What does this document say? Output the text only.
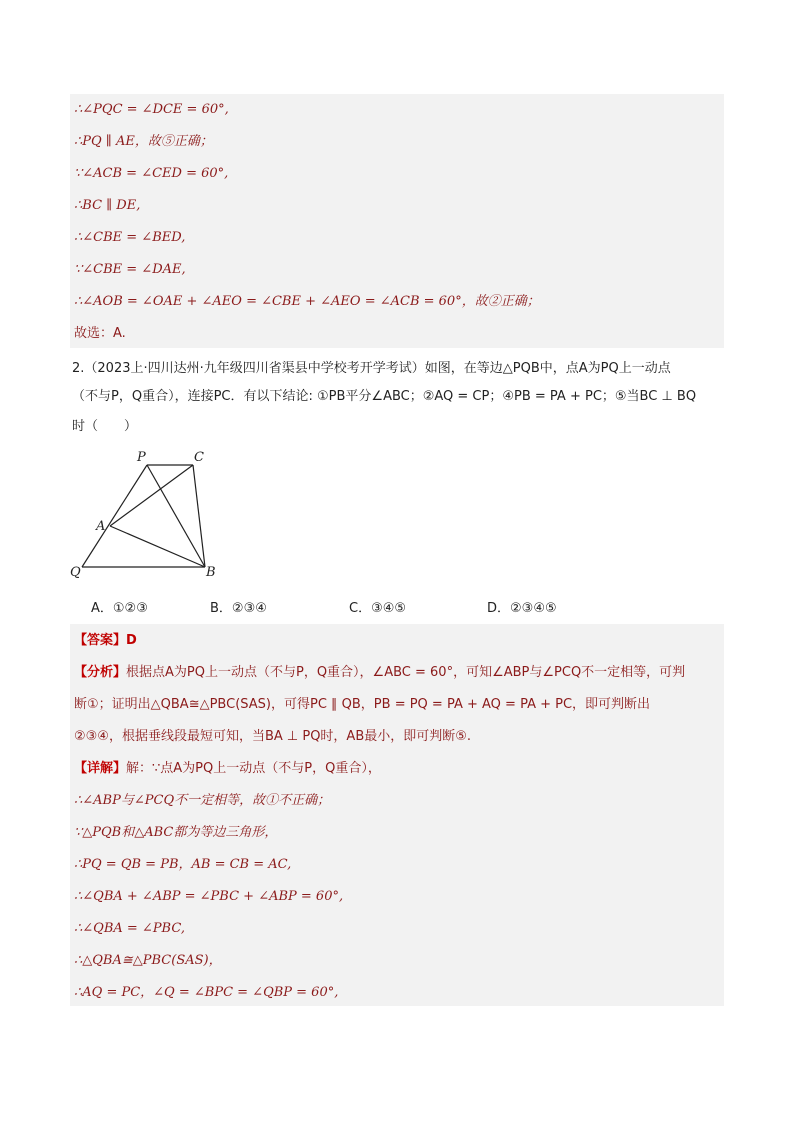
∴∠PQC = ∠DCE = 60°,
∴PQ ∥ AE，故⑤正确；
∵∠ACB = ∠CED = 60°,
∴BC ∥ DE,
∴∠CBE = ∠BED,
∵∠CBE = ∠DAE,
∴∠AOB = ∠OAE + ∠AEO = ∠CBE + ∠AEO = ∠ACB = 60°，故②正确；
故选：A.
2.（2023上·四川达州·九年级四川省渠县中学校考开学考试）如图，在等边△PQB中，点A为PQ上一动点
（不与P，Q重合），连接PC．有以下结论: ①PB平分∠ABC；②AQ = CP；④PB = PA + PC；⑤当BC ⊥ BQ
时（　　）
P	C
A
Q	B
A．①②③	B．②③④	C．③④⑤	D．②③④⑤
【答案】D
【分析】根据点A为PQ上一动点（不与P，Q重合），∠ABC = 60°，可知∠ABP与∠PCQ不一定相等，可判
断①；证明出△QBA≅△PBC(SAS)，可得PC ∥ QB，PB = PQ = PA + AQ = PA + PC，即可判断出
②③④，根据垂线段最短可知，当BA ⊥ PQ时，AB最小，即可判断⑤.
【详解】解：∵点A为PQ上一动点（不与P，Q重合），
∴∠ABP与∠PCQ不一定相等，故①不正确；
∵△PQB和△ABC都为等边三角形，
∴PQ = QB = PB，AB = CB = AC,
∴∠QBA + ∠ABP = ∠PBC + ∠ABP = 60°,
∴∠QBA = ∠PBC,
∴△QBA≅△PBC(SAS)，
∴AQ = PC，∠Q = ∠BPC = ∠QBP = 60°,
